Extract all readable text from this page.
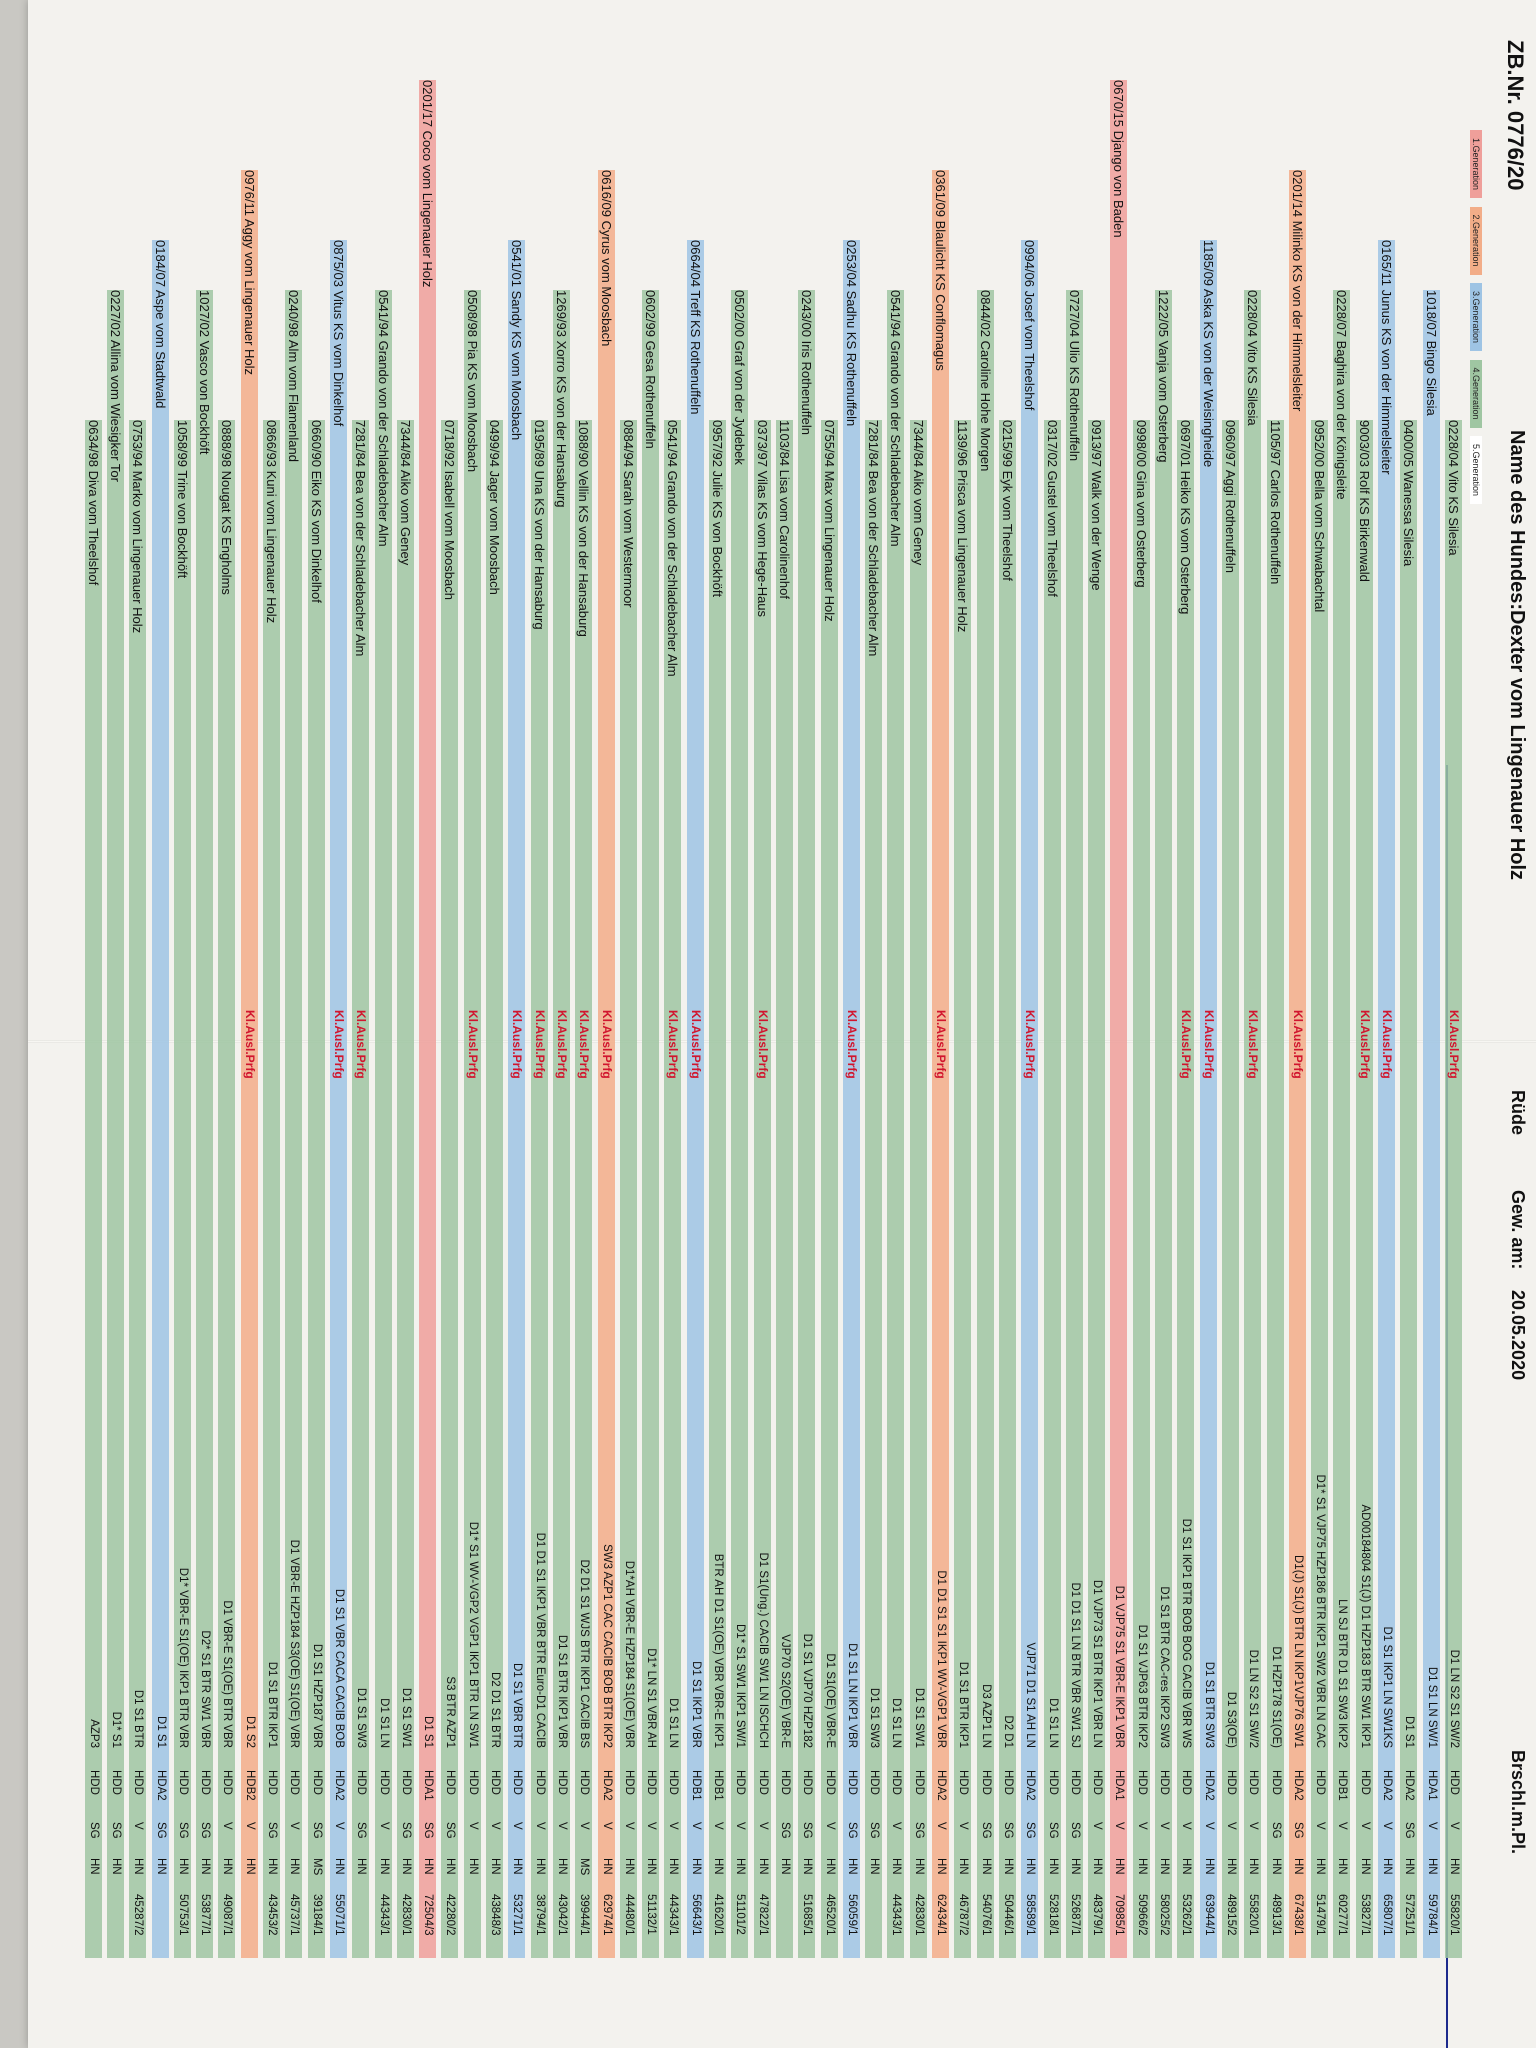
ZB.Nr. 0776/20
Name des Hundes:
Dexter vom Lingenauer Holz
Rüde
Gew. am:
20.05.2020
Brschl.m.Pl.
1.Generation 2.Generation 3.Generation 4.Generation 5.Generation
0228/04 Vito KS Silesia
Kl.Ausl.Prfg
D1 LN S2 S1 SW/2
HDD
V
HN
55820/1
1018/07 Bingo Silesia
D1 S1 LN SW/1
HDA1
V
HN
59784/1
0400/05 Wanessa Silesia
D1 S1
HDA2
SG
HN
57251/1
0165/11 Junus KS von der Himmelsleiter
Kl.Ausl.Prfg
D1 S1 IKP1 LN SW1KS
HDA2
V
HN
65807/1
9003/03 Rolf KS Birkenwald
Kl.Ausl.Prfg
AD00184804 S1(J) D1 HZP183 BTR SW1 IKP1
HDD
V
HN
53827/1
0228/07 Baghira von der Königsleite
LN SJ BTR D1 S1 SW3 IKP2
HDB1
V
HN
60277/1
0952/00 Bella vom Schwabachtal
D1* S1 VJP75 HZP186 BTR IKP1 SW2 VBR LN CAC
HDD
V
HN
51479/1
0201/14 Milinko KS von der Himmelsleiter
Kl.Ausl.Prfg
D1(J) S1(J) BTR LN IKP1VJP76 SW1
HDA2
SG
HN
67438/1
1105/97 Carlos Rothenuffeln
D1 HZP178 S1(OE)
HDD
SG
HN
48913/1
0228/04 Vito KS Silesia
Kl.Ausl.Prfg
D1 LN S2 S1 SW/2
HDD
V
HN
55820/1
0960/97 Aggi Rothenuffeln
D1 S3(OE)
HDD
V
HN
48915/2
1185/09 Aska KS von der Weisingheide
Kl.Ausl.Prfg
D1 S1 BTR SW3
HDA2
V
HN
63944/1
0697/01 Heiko KS vom Osterberg
Kl.Ausl.Prfg
D1 S1 IKP1 BTR BOB BOG CACIB VBR WS
HDD
V
HN
53262/1
1222/05 Vanja vom Osterberg
D1 S1 BTR CAC-res IKP2 SW3
HDD
V
HN
58025/2
0998/00 Gina vom Osterberg
D1 S1 VJP63 BTR IKP2
HDD
V
HN
50966/2
0670/15 Django von Baden
D1 VJP75 S1 VBR-E IKP1 VBR
HDA1
V
HN
70985/1
0913/97 Walk von der Wenge
D1 VJP73 S1 BTR IKP1 VBR LN
HDD
V
HN
48379/1
0727/04 Ulio KS Rothenuffeln
D1 D1 S1 LN BTR VBR SW1 SJ
HDD
SG
HN
52687/1
0317/02 Gustel vom Theelshof
D1 S1 LN
HDD
SG
HN
52818/1
0994/06 Josef vom Theelshof
Kl.Ausl.Prfg
VJP71 D1 S1 AH LN
HDA2
SG
HN
58589/1
0215/99 Eyk vom Theelshof
D2 D1
HDD
SG
HN
50446/1
0844/02 Caroline Hohe Morgen
D3 AZP1 LN
HDD
SG
HN
54076/1
1139/96 Prisca vom Lingenauer Holz
D1 S1 BTR IKP1
HDD
V
HN
46787/2
0361/09 Blaulicht KS Conflomagus
Kl.Ausl.Prfg
D1 D1 S1 S1 IKP1 WV-VGP1 VBR
HDA2
V
HN
62434/1
7344/84 Aiko vom Geney
D1 S1 SW1
HDD
SG
HN
42830/1
0541/94 Grando von der Schladebacher Alm
D1 S1 LN
HDD
V
HN
44343/1
7281/84 Bea von der Schladebacher Alm
D1 S1 SW3
HDD
SG
HN
0253/04 Sadhu KS Rothenuffeln
Kl.Ausl.Prfg
D1 S1 LN IKP1 VBR
HDD
SG
HN
56059/1
0755/94 Max vom Lingenauer Holz
D1 S1(OE) VBR-E
HDD
V
HN
46520/1
0243/00 Iris Rothenuffeln
D1 S1 VJP70 HZP182
HDD
SG
HN
51685/1
1103/84 Lisa vom Carolinenhof
VJP70 S2(OE) VBR-E
HDD
SG
HN
0373/97 Vilas KS vom Hege-Haus
Kl.Ausl.Prfg
D1 S1(Ung.) CACIB SW1 LN ISCHCH
HDD
V
HN
47822/1
0502/00 Graf von der Jydebek
D1* S1 SW1 IKP1 SW/1
HDD
V
HN
51101/2
0957/92 Julie KS von Bockhöft
BTR AH D1 S1(OE) VBR VBR-E IKP1
HDB1
V
HN
41620/1
0664/04 Treff KS Rothenuffeln
Kl.Ausl.Prfg
D1 S1 IKP1 VBR
HDB1
V
HN
56643/1
0541/94 Grando von der Schladebacher Alm
Kl.Ausl.Prfg
D1 S1 LN
HDD
V
HN
44343/1
0602/99 Gesa Rothenuffeln
D1* LN S1 VBR AH
HDD
V
HN
51132/1
0884/94 Sarah vom Westermoor
D1*AH VBR-E HZP184 S1(OE) VBR
HDD
V
HN
44480/1
0616/09 Cyrus vom Moosbach
Kl.Ausl.Prfg
SW3 AZP1 CAC CACIB BOB BTR IKP2
HDA2
V
HN
62974/1
1088/90 Vellin KS von der Hansaburg
Kl.Ausl.Prfg
D2 D1 S1 WJS BTR IKP1 CACIB BS
HDD
V
MS
39944/1
1269/93 Xorro KS von der Hansaburg
Kl.Ausl.Prfg
D1 S1 BTR IKP1 VBR
HDD
V
HN
43042/1
0195/89 Una KS von der Hansaburg
Kl.Ausl.Prfg
D1 D1 S1 IKP1 VBR BTR Euro-D1 CACIB
HDD
V
HN
38794/1
0541/01 Sandy KS vom Moosbach
Kl.Ausl.Prfg
D1 S1 VBR BTR
HDD
V
HN
53271/1
0499/94 Jager vom Moosbach
D2 D1 S1 BTR
HDD
V
HN
43848/3
0508/98 Pia KS vom Moosbach
Kl.Ausl.Prfg
D1* S1 WV-VGP2 VGP1 IKP1 BTR LN SW1
HDD
V
HN
0718/92 Isabell vom Moosbach
S3 BTR AZP1
HDD
SG
HN
42280/2
0201/17 Coco vom Lingenauer Holz
D1 S1
HDA1
SG
HN
72504/3
7344/84 Aiko vom Geney
D1 S1 SW1
HDD
SG
HN
42830/1
0541/94 Grando von der Schladebacher Alm
D1 S1 LN
HDD
V
HN
44343/1
7281/84 Bea von der Schladebacher Alm
Kl.Ausl.Prfg
D1 S1 SW3
HDD
SG
HN
0875/03 Vitus KS vom Dinkelhof
Kl.Ausl.Prfg
D1 S1 VBR CACA CACIB BOB
HDA2
V
HN
55071/1
0660/90 Eiko KS vom Dinkelhof
D1 S1 HZP187 VBR
HDD
SG
MS
39184/1
0240/98 Alm vom Flamenland
D1 VBR-E HZP184 S3(OE) S1(OE) VBR
HDD
V
HN
45737/1
0866/93 Kuni vom Lingenauer Holz
D1 S1 BTR IKP1
HDD
SG
HN
43453/2
0976/11 Aggy vom Lingenauer Holz
Kl.Ausl.Prfg
D1 S2
HDB2
V
HN
0888/98 Nougat KS Engholms
D1 VBR-E S1(OE) BTR VBR
HDD
V
HN
49087/1
1027/02 Vasco von Bockhöft
D2* S1 BTR SW1 VBR
HDD
SG
HN
53877/1
1058/99 Trine von Bockhöft
D1* VBR-E S1(OE) IKP1 BTR VBR
HDD
SG
HN
50753/1
0184/07 Aspe vom Stadtwald
D1 S1
HDA2
SG
HN
0753/94 Marko vom Lingenauer Holz
D1 S1 BTR
HDD
V
HN
45287/2
0227/02 Allina vom Wiesigker Tor
D1* S1
HDD
SG
HN
0634/98 Diva vom Theelshof
AZP3
HDD
SG
HN
